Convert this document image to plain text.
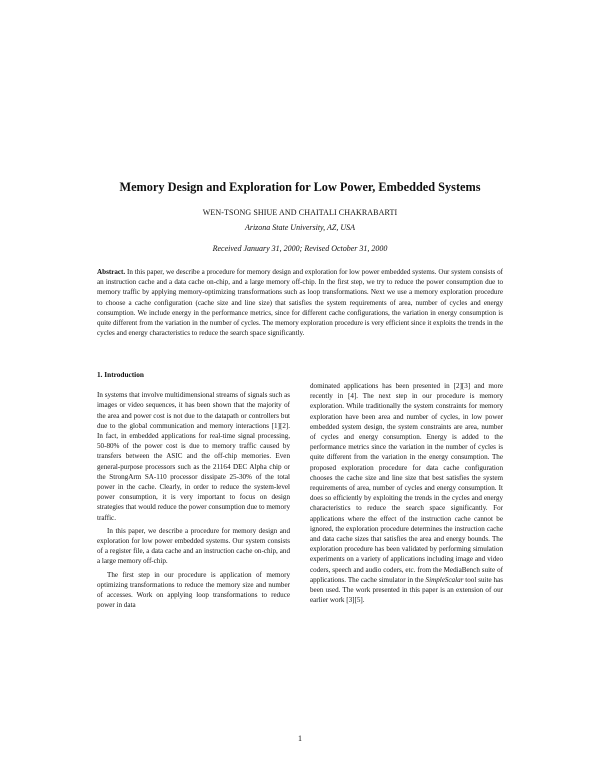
Memory Design and Exploration for Low Power, Embedded Systems
WEN-TSONG SHIUE AND CHAITALI CHAKRABARTI
Arizona State University, AZ, USA
Received January 31, 2000; Revised October 31, 2000

Abstract. In this paper, we describe a procedure for memory design and exploration for low power embedded systems. Our system consists of an instruction cache and a data cache on-chip, and a large memory off-chip. In the first step, we try to reduce the power consumption due to memory traffic by applying memory-optimizing transformations such as loop transformations. Next we use a memory exploration procedure to choose a cache configuration (cache size and line size) that satisfies the system requirements of area, number of cycles and energy consumption. We include energy in the performance metrics, since for different cache configurations, the variation in energy consumption is quite different from the variation in the number of cycles. The memory exploration procedure is very efficient since it exploits the trends in the cycles and energy characteristics to reduce the search space significantly.

1. Introduction

In systems that involve multidimensional streams of signals such as images or video sequences, it has been shown that the majority of the area and power cost is not due to the datapath or controllers but due to the global communication and memory interactions [1][2]. In fact, in embedded applications for real-time signal processing, 50-80% of the power cost is due to memory traffic caused by transfers between the ASIC and the off-chip memories. Even general-purpose processors such as the 21164 DEC Alpha chip or the StrongArm SA-110 processor dissipate 25-30% of the total power in the cache. Clearly, in order to reduce the system-level power consumption, it is very important to focus on design strategies that would reduce the power consumption due to memory traffic.

In this paper, we describe a procedure for memory design and exploration for low power embedded systems. Our system consists of a register file, a data cache and an instruction cache on-chip, and a large memory off-chip.

The first step in our procedure is application of memory optimizing transformations to reduce the memory size and number of accesses. Work on applying loop transformations to reduce power in data

dominated applications has been presented in [2][3] and more recently in [4]. The next step in our procedure is memory exploration. While traditionally the system constraints for memory exploration have been area and number of cycles, in low power embedded system design, the system constraints are area, number of cycles and energy consumption. Energy is added to the performance metrics since the variation in the number of cycles is quite different from the variation in the energy consumption. The proposed exploration procedure for data cache configuration chooses the cache size and line size that best satisfies the system requirements of area, number of cycles and energy consumption. It does so efficiently by exploiting the trends in the cycles and energy characteristics to reduce the search space significantly. For applications where the effect of the instruction cache cannot be ignored, the exploration procedure determines the instruction cache and data cache sizes that satisfies the area and energy bounds. The exploration procedure has been validated by performing simulation experiments on a variety of applications including image and video coders, speech and audio coders, etc. from the MediaBench suite of applications. The cache simulator in the SimpleScalar tool suite has been used. The work presented in this paper is an extension of our earlier work [3][5].

1
